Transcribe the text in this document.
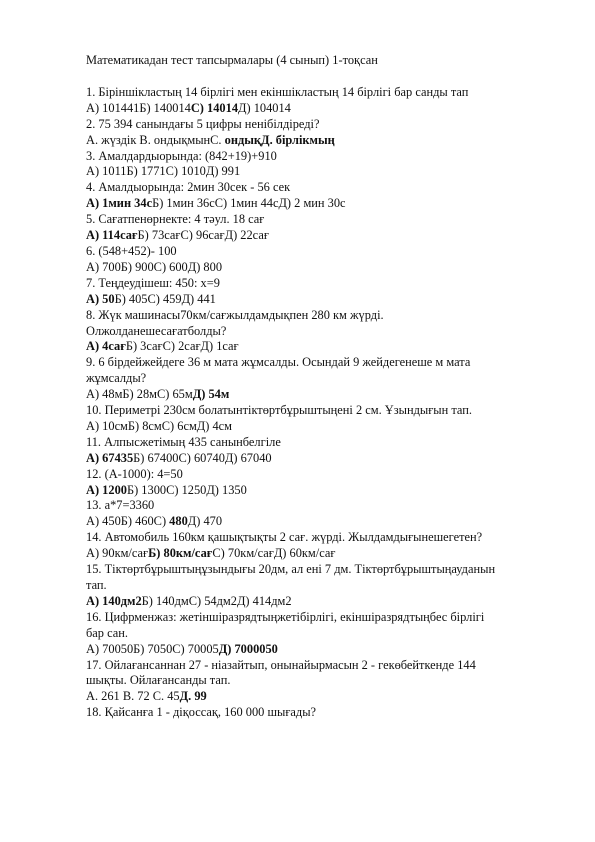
Математикадан тест тапсырмалары (4 сынып) 1-тоқсан
1. Біріншікластың 14 бірлігі мен екіншікластың 14 бірлігі бар санды тап
А) 101441Б) 140014С) 14014Д) 104014
2. 75 394 санындағы 5 цифры ненібілдіреді?
А. жүздік В. ондықмынС. ондықД. бірлікмың
3. Амалдардыорында: (842+19)+910
А) 1011Б) 1771С) 1010Д) 991
4. Амалдыорында: 2мин 30сек - 56 сек
А) 1мин 34сБ) 1мин 36сС) 1мин 44сД) 2 мин 30с
5. Сағатпенөрнекте: 4 тәул. 18 сағ
А) 114сағБ) 73сағС) 96сағД) 22сағ
6. (548+452)- 100
А) 700Б) 900С) 600Д) 800
7. Теңдеудішеш: 450: х=9
А) 50Б) 405С) 459Д) 441
8. Жүк машинасы70км/сағжылдамдықпен 280 км жүрді.
Олжолданешесағатболды?
А) 4сағБ) 3сағС) 2сағД) 1сағ
9. 6 бірдейжейдеге 36 м мата жұмсалды. Осындай 9 жейдегенеше м мата
жұмсалды?
А) 48мБ) 28мС) 65мД) 54м
10. Периметрі 230см болатынтіктөртбұрыштыңені 2 см. Ұзындығын тап.
А) 10смБ) 8смС) 6смД) 4см
11. Алпысжетімың 435 санынбелгіле
А) 67435Б) 67400С) 60740Д) 67040
12. (А-1000): 4=50
А) 1200Б) 1300С) 1250Д) 1350
13. а*7=3360
А) 450Б) 460С) 480Д) 470
14. Автомобиль 160км қашықтықты 2 сағ. жүрді. Жылдамдығынешегетен?
А) 90км/сағБ) 80км/сағС) 70км/сағД) 60км/сағ
15. Тіктөртбұрыштыңұзындығы 20дм, ал ені 7 дм. Тіктөртбұрыштыңауданын
тап.
А) 140дм2Б) 140дмС) 54дм2Д) 414дм2
16. Цифрменжаз: жетіншіразрядтыңжетібірлігі, екіншіразрядтыңбес бірлігі
бар сан.
А) 70050Б) 7050С) 70005Д) 7000050
17. Ойлағансаннан 27 - ніазайтып, онынайырмасын 2 - гекөбейткенде 144
шықты. Ойлағансанды тап.
А. 261 В. 72 С. 45Д. 99
18. Қайсанға 1 - діқоссақ, 160 000 шығады?
